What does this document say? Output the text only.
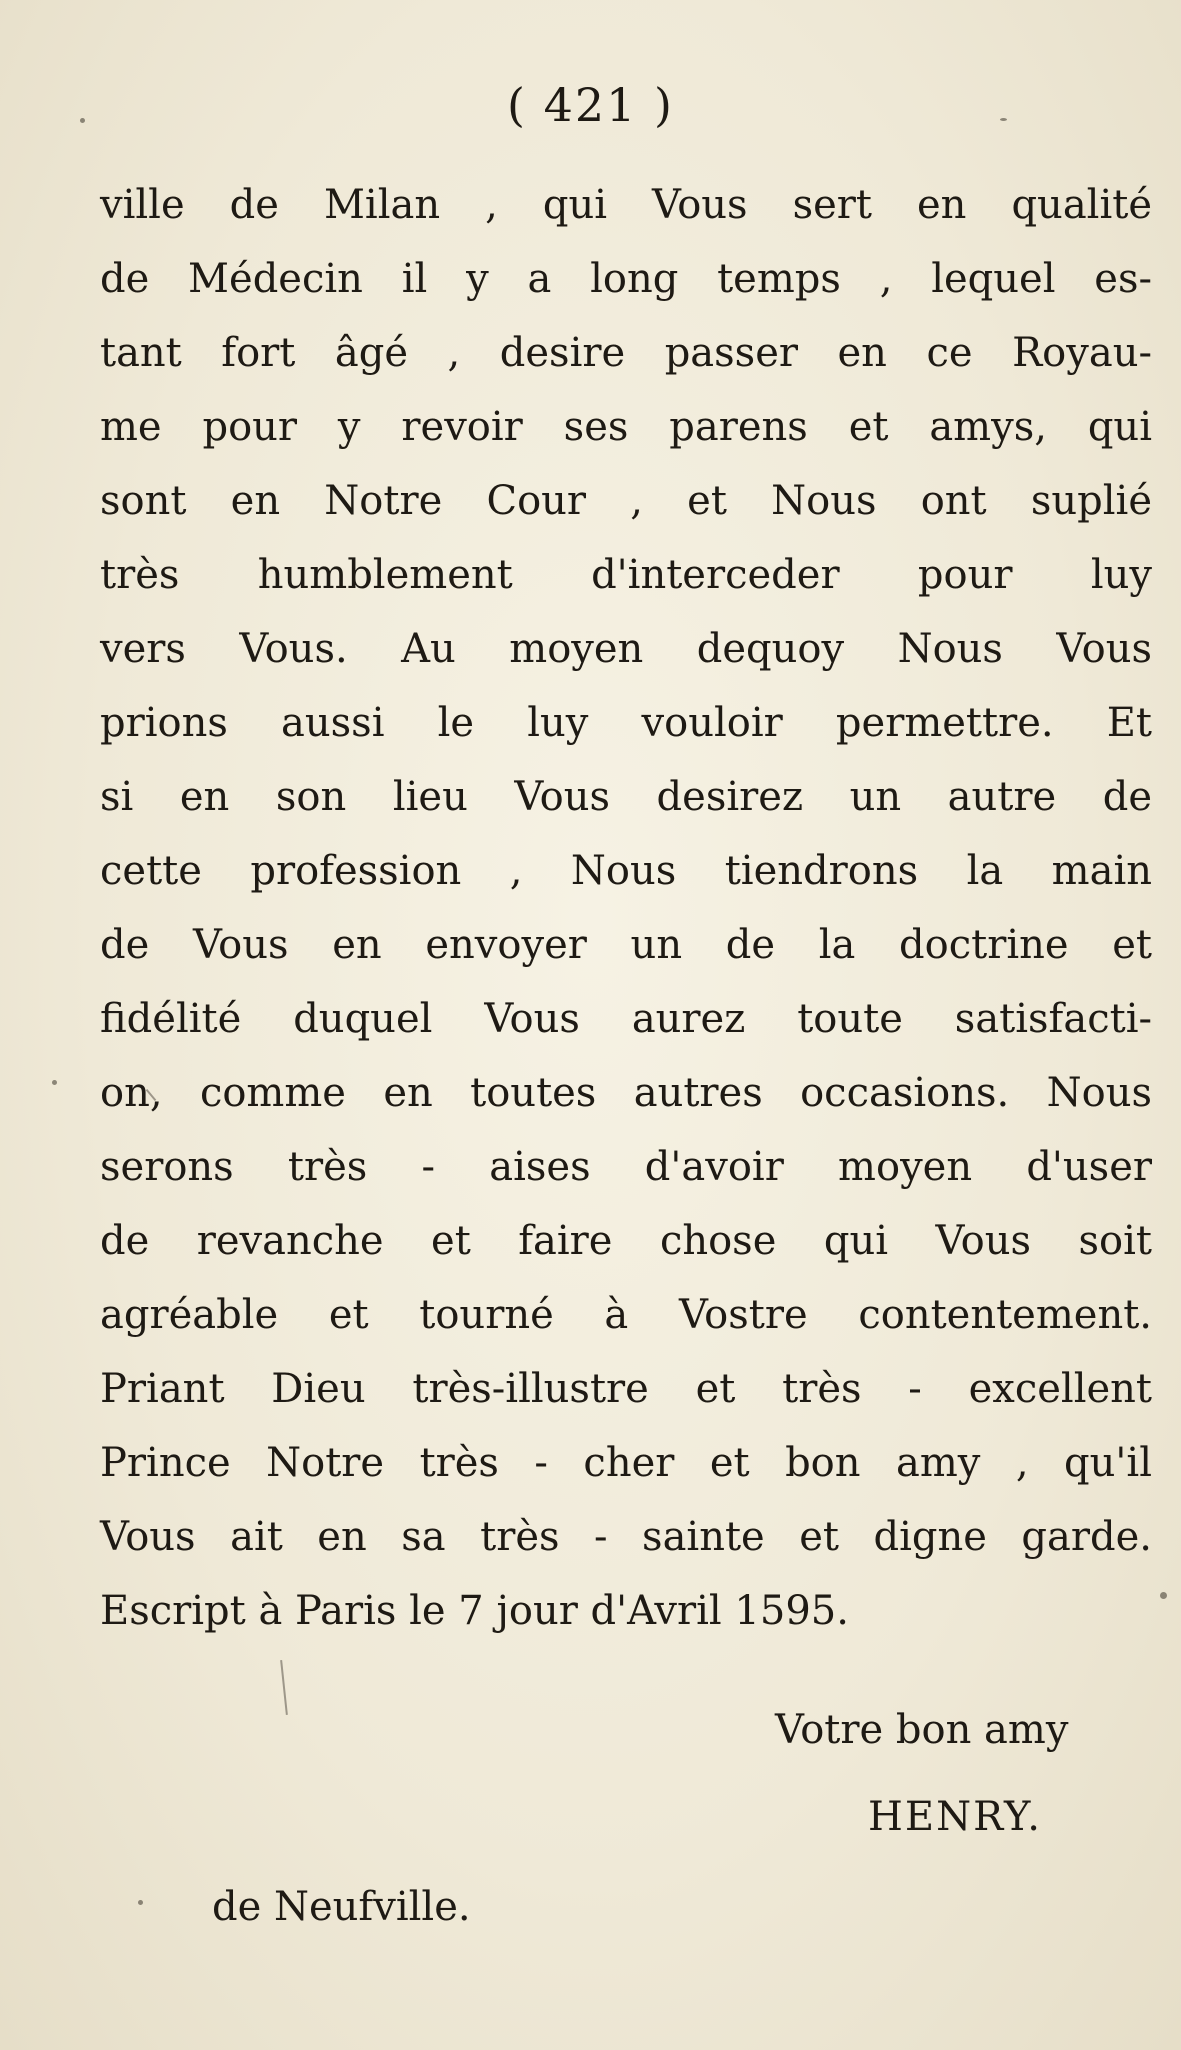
( 421 )
ville de Milan , qui Vous sert en qualité
de Médecin il y a long temps , lequel es-
tant fort âgé , desire passer en ce Royau-
me pour y revoir ses parens et amys, qui
sont en Notre Cour , et Nous ont suplié
très humblement d'interceder pour luy
vers Vous. Au moyen dequoy Nous Vous
prions aussi le luy vouloir permettre. Et
si en son lieu Vous desirez un autre de
cette profession , Nous tiendrons la main
de Vous en envoyer un de la doctrine et
fidélité duquel Vous aurez toute satisfacti-
on, comme en toutes autres occasions. Nous
serons très - aises d'avoir moyen d'user
de revanche et faire chose qui Vous soit
agréable et tourné à Vostre contentement.
Priant Dieu très-illustre et très - excellent
Prince Notre très - cher et bon amy , qu'il
Vous ait en sa très - sainte et digne garde.
Escript à Paris le 7 jour d'Avril 1595.
Votre bon amy
HENRY.
de Neufville.
